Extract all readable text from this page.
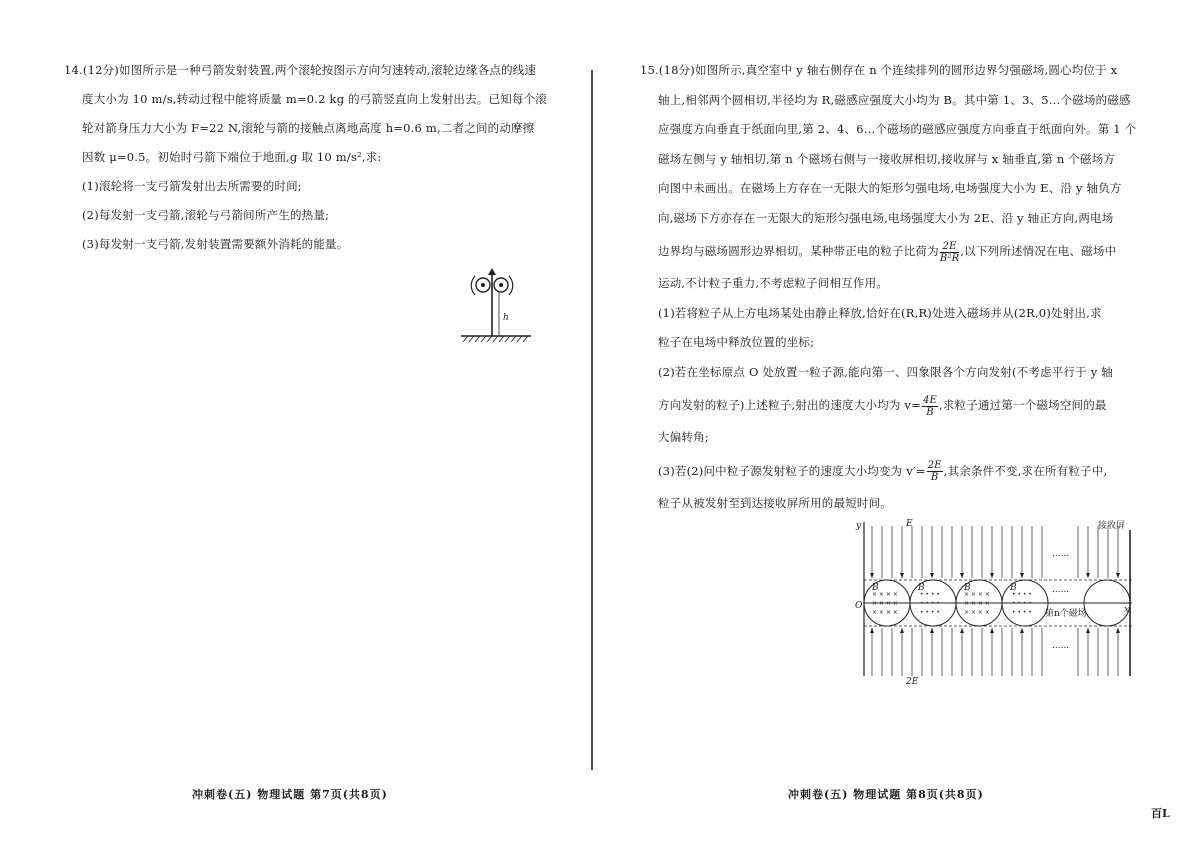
14.(12分)如图所示是一种弓箭发射装置,两个滚轮按图示方向匀速转动,滚轮边缘各点的线速
度大小为 10 m/s,转动过程中能将质量 m=0.2 kg 的弓箭竖直向上发射出去。已知每个滚
轮对箭身压力大小为 F=22 N,滚轮与箭的接触点离地高度 h=0.6 m,二者之间的动摩擦
因数 μ=0.5。初始时弓箭下端位于地面,g 取 10 m/s²,求:
(1)滚轮将一支弓箭发射出去所需要的时间;
(2)每发射一支弓箭,滚轮与弓箭间所产生的热量;
(3)每发射一支弓箭,发射装置需要额外消耗的能量。
h
冲刺卷(五) 物理试题 第7页(共8页)
15.(18分)如图所示,真空室中 y 轴右侧存在 n 个连续排列的圆形边界匀强磁场,圆心均位于 x
轴上,相邻两个圆相切,半径均为 R,磁感应强度大小均为 B。其中第 1、3、5…个磁场的磁感
应强度方向垂直于纸面向里,第 2、4、6…个磁场的磁感应强度方向垂直于纸面向外。第 1 个
磁场左侧与 y 轴相切,第 n 个磁场右侧与一接收屏相切,接收屏与 x 轴垂直,第 n 个磁场方
向图中未画出。在磁场上方存在一无限大的矩形匀强电场,电场强度大小为 E、沿 y 轴负方
向,磁场下方亦存在一无限大的矩形匀强电场,电场强度大小为 2E、沿 y 轴正方向,两电场
边界均与磁场圆形边界相切。某种带正电的粒子比荷为 $\frac{2E}{\text{B²R}}$ ,以下列所述情况在电、磁场中
运动,不计粒子重力,不考虑粒子间相互作用。
(1)若将粒子从上方电场某处由静止释放,恰好在(R,R)处进入磁场并从(2R,0)处射出,求
粒子在电场中释放位置的坐标;
(2)若在坐标原点 O 处放置一粒子源,能向第一、四象限各个方向发射(不考虑平行于 y 轴
方向发射的粒子)上述粒子,射出的速度大小均为 $v= \frac{4E}{B}$ ,求粒子通过第一个磁场空间的最
大偏转角;
(3)若(2)问中粒子源发射粒子的速度大小均变为 $v'= \frac{2E}{B}$ ,其余条件不变,求在所有粒子中,
粒子从被发射至到达接收屏所用的最短时间。
y
x
O
E
......
接收屏
× × × ×
× × × ×
× × × ×
× × × ×
× × × ×
× × × ×
• • • •
• • • •
• • • •
• • • •
• • • •
• • • •
B	B	B	B
第n个磁场
......
......
2E
冲刺卷(五) 物理试题 第8页(共8页)
百L
